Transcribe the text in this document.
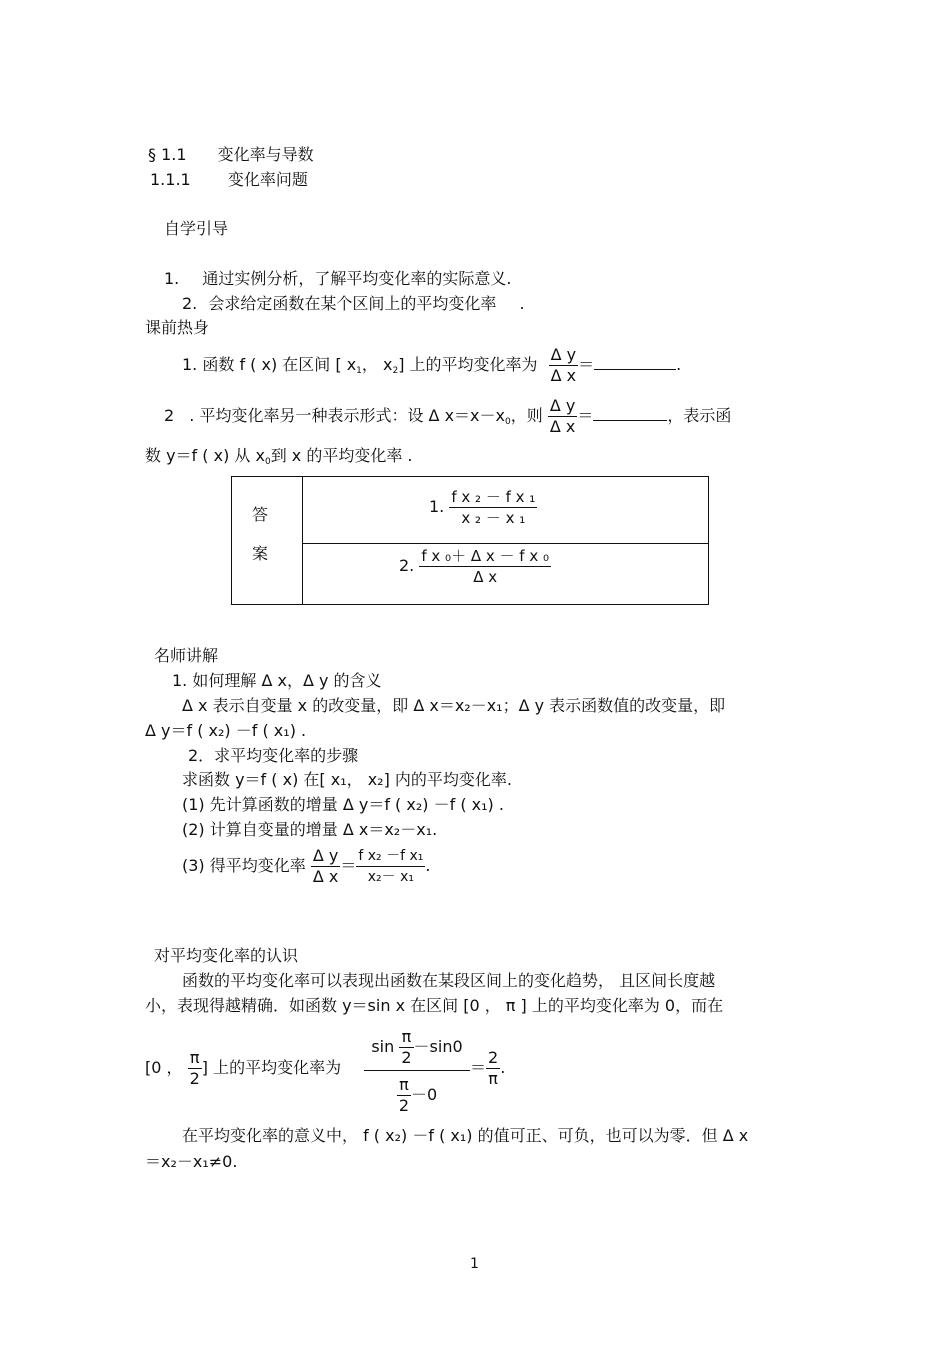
§ 1.1 变化率与导数
1.1.1 变化率问题
自学引导
1. 通过实例分析，了解平均变化率的实际意义.
2. 会求给定函数在某个区间上的平均变化率 .
课前热身
1. 函数 f ( x) 在区间 [ x1， x2] 上的平均变化率为 $\frac{\text{Δ y}}{\text{Δ x}}$ ＝	.
2 . 平均变化率另一种表示形式：设 Δ x＝x－x0，则 $\frac{\text{Δ y}}{\text{Δ x}}$ ＝	，表示函
数 y＝f ( x) 从 x0到 x 的平均变化率 .
答
案
1. $\frac{\text{f x ₂ － f x ₁}}{\text{x ₂ － x ₁}}$
2. $\frac{\text{f x ₀＋ Δ x － f x ₀}}{\text{Δ x}}$
名师讲解
1. 如何理解 Δ x，Δ y 的含义
Δ x 表示自变量 x 的改变量，即 Δ x＝x₂－x₁；Δ y 表示函数值的改变量，即
Δ y＝f ( x₂) －f ( x₁) .
2．求平均变化率的步骤
求函数 y＝f ( x) 在[ x₁， x₂] 内的平均变化率.
(1) 先计算函数的增量 Δ y＝f ( x₂) －f ( x₁) .
(2) 计算自变量的增量 Δ x＝x₂－x₁.
(3) 得平均变化率 $\frac{\text{Δ y}}{\text{Δ x}} = \frac{\text{f x₂ －f x₁}}{\text{x₂－ x₁}}$ .
对平均变化率的认识
函数的平均变化率可以表现出函数在某段区间上的变化趋势， 且区间长度越
小，表现得越精确．如函数 y＝sin x 在区间 [0 ， π ] 上的平均变化率为 0，而在
[0 ， $\frac{\pi}{2}$ ] 上的平均变化率为 $\frac{\sin \frac{\pi}{2} -\sin 0}{\frac{\pi}{2} -0} = \frac{2}{\pi}$ .
在平均变化率的意义中， f ( x₂) －f ( x₁) 的值可正、可负，也可以为零．但 Δ x
＝x₂－x₁≠0.
1
